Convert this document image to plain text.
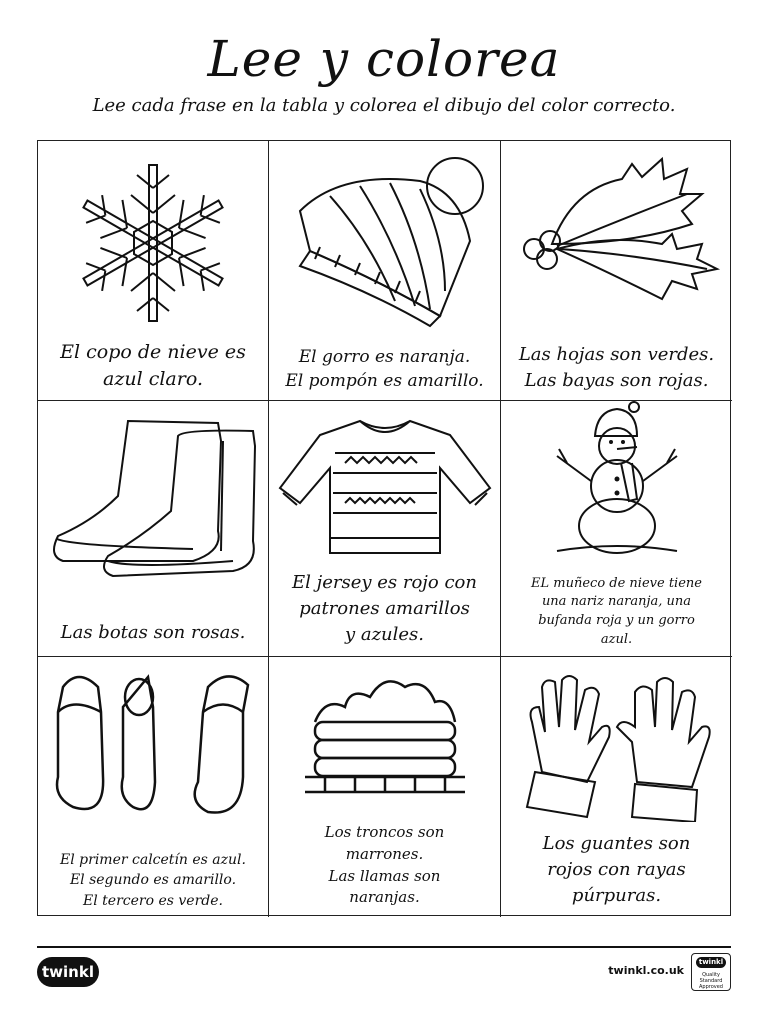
Lee y colorea
Lee cada frase en la tabla y colorea el dibujo del color correcto.
El copo de nieve es
azul claro.
El gorro es naranja.
El pompón es amarillo.
Las hojas son verdes.
Las bayas son rojas.
Las botas son rosas.
El jersey es rojo con
patrones amarillos
y azules.
EL muñeco de nieve tiene
una nariz naranja, una
bufanda roja y un gorro
azul.
El primer calcetín es azul.
El segundo es amarillo.
El tercero es verde.
Los troncos son
marrones.
Las llamas son
naranjas.
Los guantes son
rojos con rayas
púrpuras.
twinkl	twinkl.co.uk
twinkl
Quality Standard Approved
